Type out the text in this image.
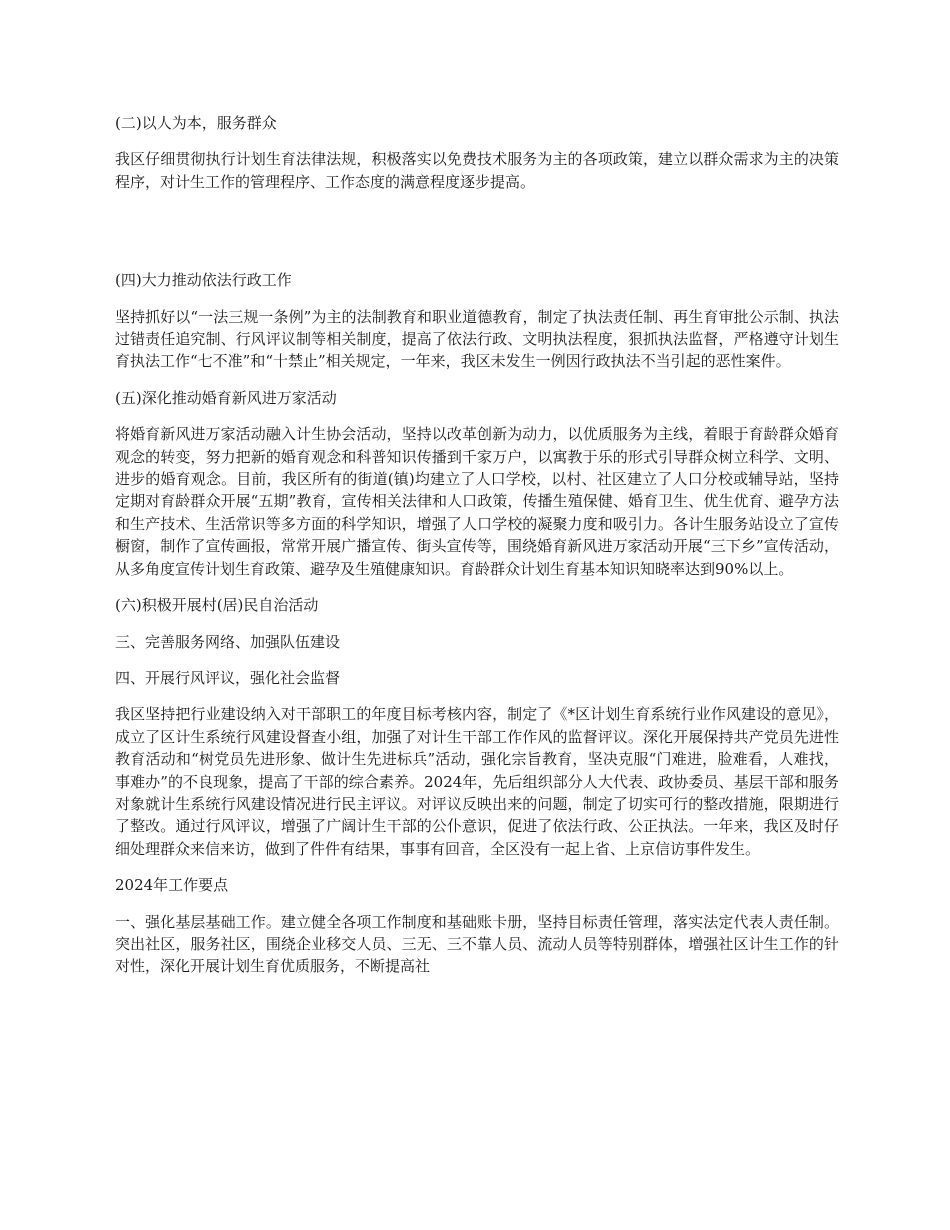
(二)以人为本，服务群众

我区仔细贯彻执行计划生育法律法规，积极落实以免费技术服务为主的各项政策，建立以群众需求为主的决策程序，对计生工作的管理程序、工作态度的满意程度逐步提高。

(四)大力推动依法行政工作

坚持抓好以“一法三规一条例”为主的法制教育和职业道德教育，制定了执法责任制、再生育审批公示制、执法过错责任追究制、行风评议制等相关制度，提高了依法行政、文明执法程度，狠抓执法监督，严格遵守计划生育执法工作“七不准”和“十禁止”相关规定，一年来，我区未发生一例因行政执法不当引起的恶性案件。

(五)深化推动婚育新风进万家活动

将婚育新风进万家活动融入计生协会活动，坚持以改革创新为动力，以优质服务为主线，着眼于育龄群众婚育观念的转变，努力把新的婚育观念和科普知识传播到千家万户，以寓教于乐的形式引导群众树立科学、文明、进步的婚育观念。目前，我区所有的街道(镇)均建立了人口学校，以村、社区建立了人口分校或辅导站，坚持定期对育龄群众开展“五期”教育，宣传相关法律和人口政策，传播生殖保健、婚育卫生、优生优育、避孕方法和生产技术、生活常识等多方面的科学知识，增强了人口学校的凝聚力度和吸引力。各计生服务站设立了宣传橱窗，制作了宣传画报，常常开展广播宣传、街头宣传等，围绕婚育新风进万家活动开展“三下乡”宣传活动，从多角度宣传计划生育政策、避孕及生殖健康知识。育龄群众计划生育基本知识知晓率达到90%以上。

(六)积极开展村(居)民自治活动

三、完善服务网络、加强队伍建设

四、开展行风评议，强化社会监督

我区坚持把行业建设纳入对干部职工的年度目标考核内容，制定了《*区计划生育系统行业作风建设的意见》，成立了区计生系统行风建设督查小组，加强了对计生干部工作作风的监督评议。深化开展保持共产党员先进性教育活动和“树党员先进形象、做计生先进标兵”活动，强化宗旨教育，坚决克服“门难进，脸难看，人难找，事难办”的不良现象，提高了干部的综合素养。2024年，先后组织部分人大代表、政协委员、基层干部和服务对象就计生系统行风建设情况进行民主评议。对评议反映出来的问题，制定了切实可行的整改措施，限期进行了整改。通过行风评议，增强了广阔计生干部的公仆意识，促进了依法行政、公正执法。一年来，我区及时仔细处理群众来信来访，做到了件件有结果，事事有回音，全区没有一起上省、上京信访事件发生。

2024年工作要点

一、强化基层基础工作。建立健全各项工作制度和基础账卡册，坚持目标责任管理，落实法定代表人责任制。突出社区，服务社区，围绕企业移交人员、三无、三不靠人员、流动人员等特别群体，增强社区计生工作的针对性，深化开展计划生育优质服务，不断提高社
